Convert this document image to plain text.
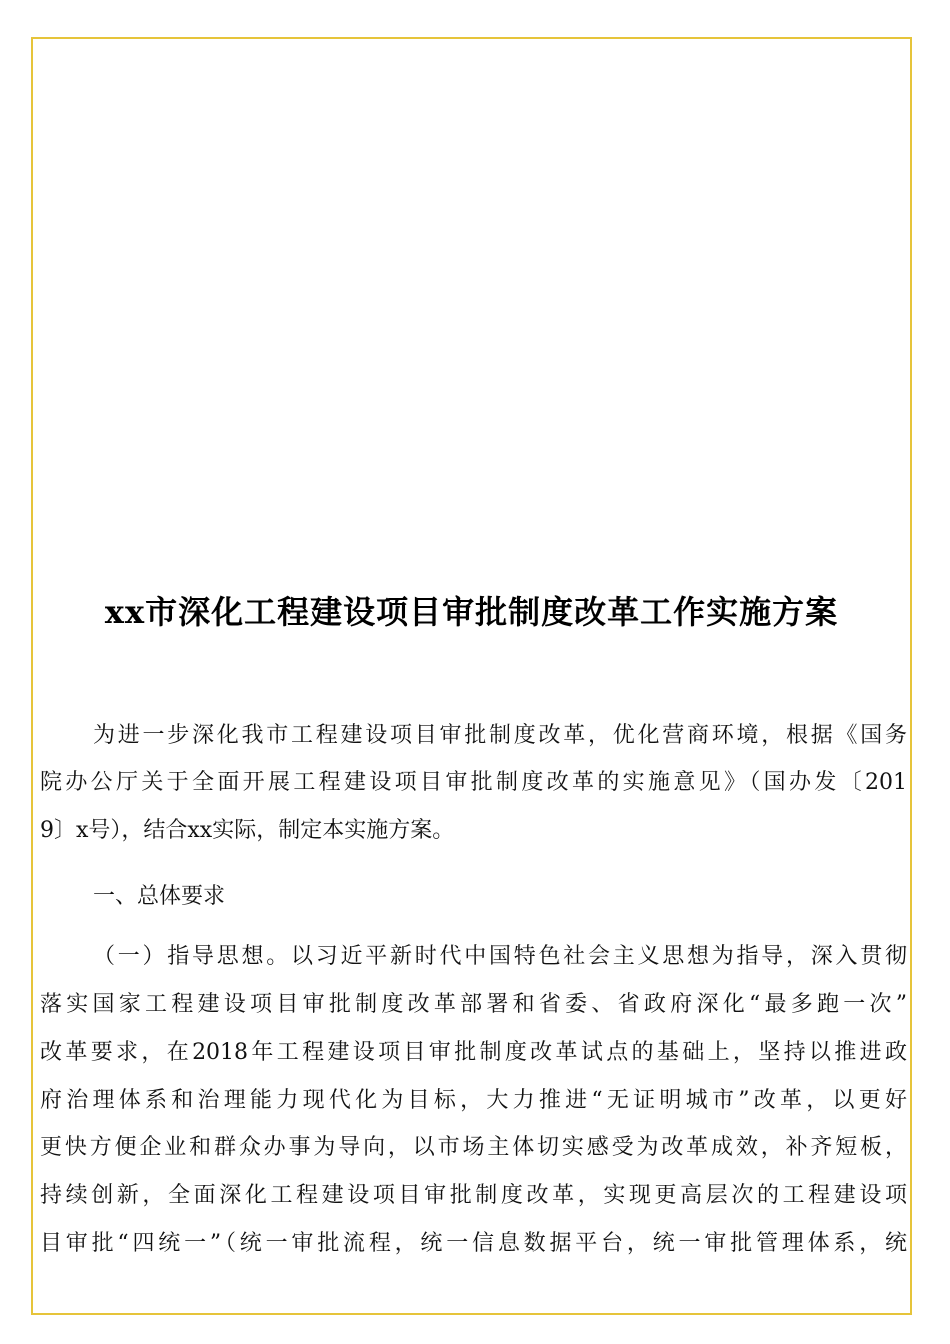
xx市深化工程建设项目审批制度改革工作实施方案
为进一步深化我市工程建设项目审批制度改革，优化营商环境，根据《国务
院办公厅关于全面开展工程建设项目审批制度改革的实施意见》（国办发〔201
9〕x号），结合xx实际，制定本实施方案。
一、总体要求
（一）指导思想。以习近平新时代中国特色社会主义思想为指导，深入贯彻
落实国家工程建设项目审批制度改革部署和省委、省政府深化“最多跑一次”
改革要求，在2018年工程建设项目审批制度改革试点的基础上，坚持以推进政
府治理体系和治理能力现代化为目标，大力推进“无证明城市”改革，以更好
更快方便企业和群众办事为导向，以市场主体切实感受为改革成效，补齐短板，
持续创新，全面深化工程建设项目审批制度改革，实现更高层次的工程建设项
目审批“四统一”（统一审批流程，统一信息数据平台，统一审批管理体系，统
